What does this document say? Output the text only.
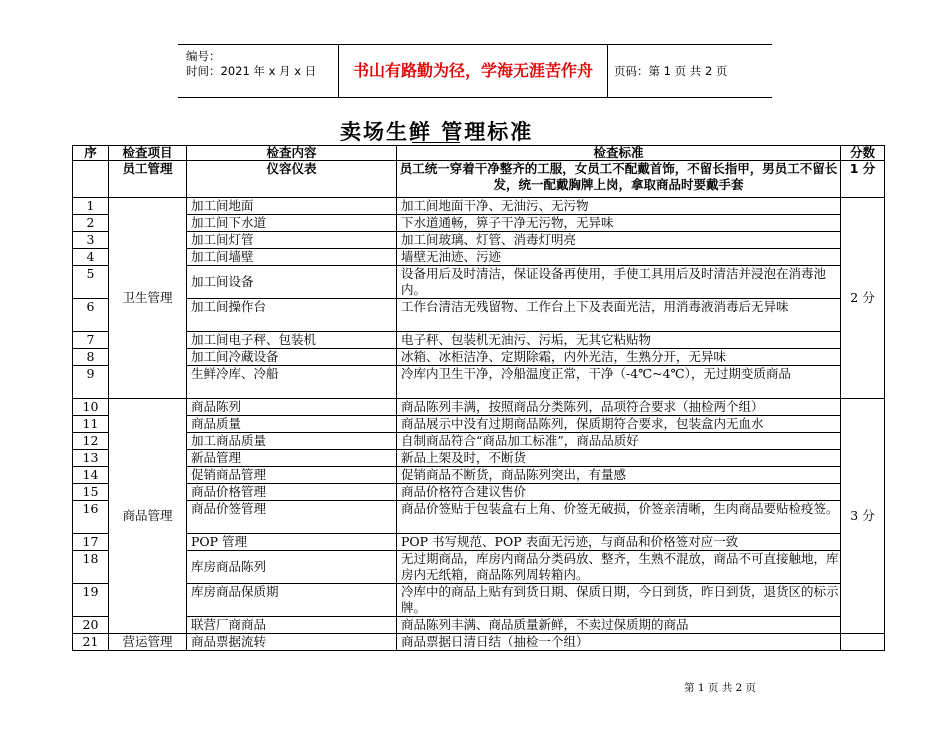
编号：
时间：2021 年 x 月 x 日	书山有路勤为径，学海无涯苦作舟	页码：第 1 页 共 2 页
卖场生鲜 管理标准
序	检查项目	检查内容	检查标准	分数
	员工管理	仪容仪表	员工统一穿着干净整齐的工服，女员工不配戴首饰，不留长指甲，男员工不留长发，统一配戴胸牌上岗，拿取商品时要戴手套	1 分
1	卫生管理	加工间地面	加工间地面干净、无油污、无污物	2 分
2		加工间下水道	下水道通畅，箅子干净无污物，无异味	
3		加工间灯管	加工间玻璃、灯管、消毒灯明亮	
4		加工间墙壁	墙壁无油迹、污迹	
5		加工间设备	设备用后及时清洁，保证设备再使用，手使工具用后及时清洁并浸泡在消毒池内。	
6		加工间操作台	工作台清洁无残留物、工作台上下及表面光洁，用消毒液消毒后无异味	
7		加工间电子秤、包装机	电子秤、包装机无油污、污垢，无其它粘贴物	
8		加工间冷藏设备	冰箱、冰柜洁净、定期除霜，内外光洁，生熟分开，无异味	
9		生鲜冷库、冷船	冷库内卫生干净，冷船温度正常，干净（-4℃~4℃），无过期变质商品	
10	商品管理	商品陈列	商品陈列丰满，按照商品分类陈列，品项符合要求（抽检两个组）	3 分
11		商品质量	商品展示中没有过期商品陈列，保质期符合要求，包装盒内无血水	
12		加工商品质量	自制商品符合“商品加工标准”，商品品质好	
13		新品管理	新品上架及时，不断货	
14		促销商品管理	促销商品不断货，商品陈列突出，有量感	
15		商品价格管理	商品价格符合建议售价	
16		商品价签管理	商品价签贴于包装盒右上角、价签无破损，价签亲清晰，生肉商品要贴检疫签。	
17		POP 管理	POP 书写规范、POP 表面无污迹，与商品和价格签对应一致	
18		库房商品陈列	无过期商品，库房内商品分类码放、整齐，生熟不混放，商品不可直接触地，库房内无纸箱，商品陈列周转箱内。	
19		库房商品保质期	冷库中的商品上贴有到货日期、保质日期，今日到货，昨日到货，退货区的标示牌。	
20		联营厂商商品	商品陈列丰满、商品质量新鲜，不卖过保质期的商品	
21	营运管理	商品票据流转	商品票据日清日结（抽检一个组）	
第 1 页 共 2 页
